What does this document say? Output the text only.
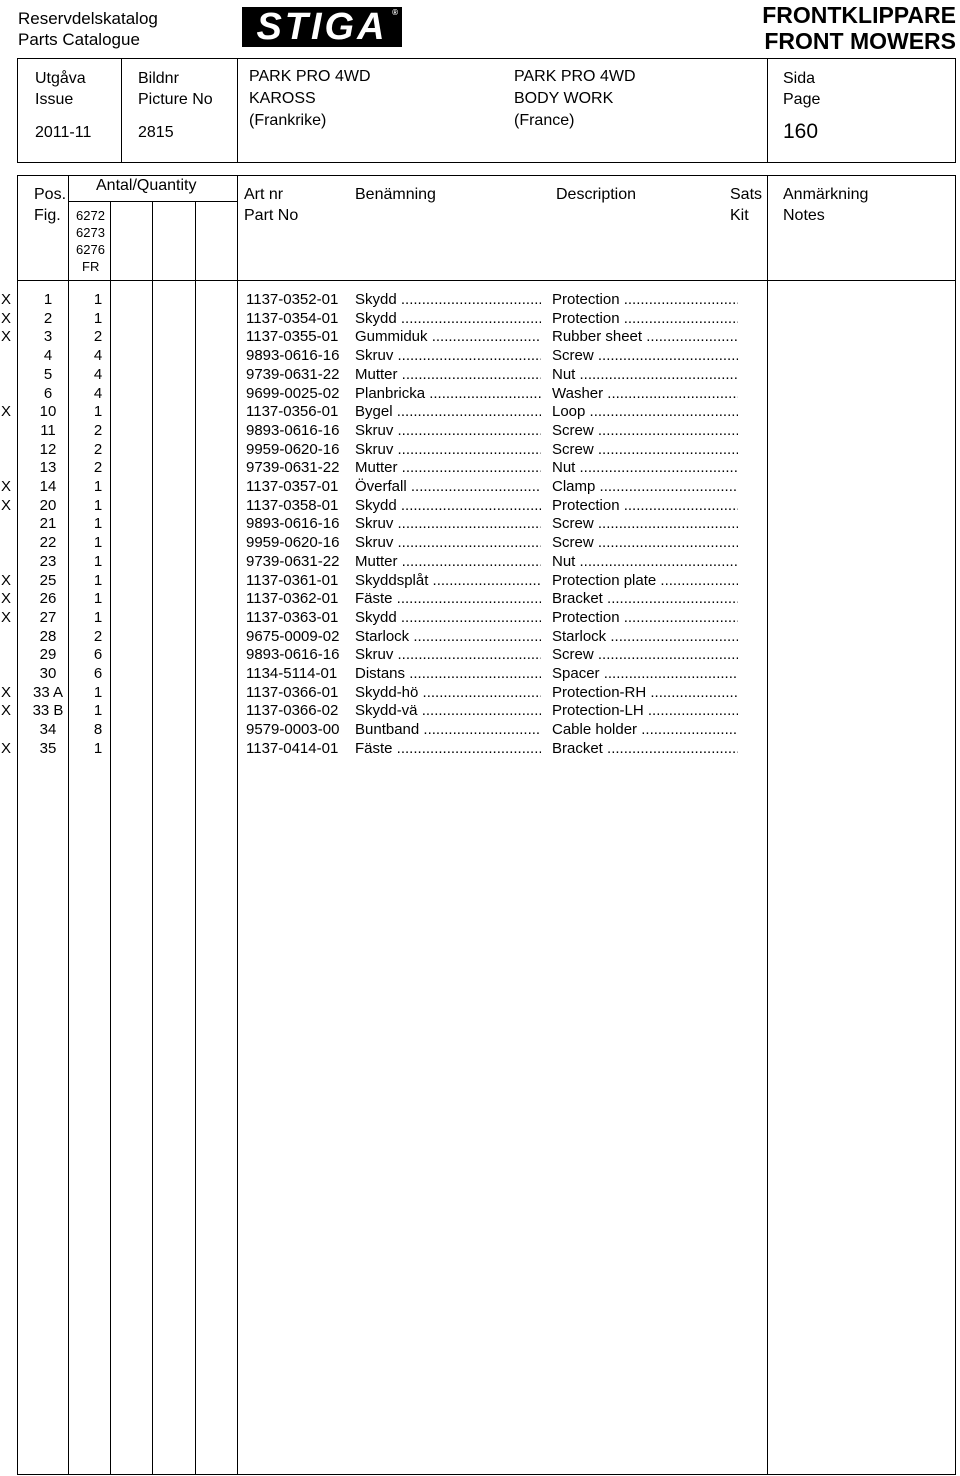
Reservdelskatalog
Parts Catalogue	STIGA ®	FRONTKLIPPARE
FRONT MOWERS
Utgåva
Issue
2011-11
Bildnr
Picture No
2815
PARK PRO 4WD
KAROSS
(Frankrike)
PARK PRO 4WD
BODY WORK
(France)
Sida
Page
160
Pos.
Fig.
Antal/Quantity
6272
6273
6276
FR
Art nr
Part No
Benämning	Description	Sats
Kit
Anmärkning
Notes
X	1	1	1137-0352-01 Skydd .....	Protection .....
X	2	1	1137-0354-01 Skydd .....	Protection .....
X	3	2	1137-0355-01 Gummiduk .....	Rubber sheet .....
4	4	9893-0616-16 Skruv .....	Screw .....
5	4	9739-0631-22 Mutter .....	Nut .....
6	4	9699-0025-02 Planbricka .....	Washer .....
X	10	1	1137-0356-01 Bygel .....	Loop .....
11	2	9893-0616-16 Skruv .....	Screw .....
12	2	9959-0620-16 Skruv .....	Screw .....
13	2	9739-0631-22 Mutter .....	Nut .....
X	14	1	1137-0357-01 Överfall .....	Clamp .....
X	20	1	1137-0358-01 Skydd .....	Protection .....
21	1	9893-0616-16 Skruv .....	Screw .....
22	1	9959-0620-16 Skruv .....	Screw .....
23	1	9739-0631-22 Mutter .....	Nut .....
X	25	1	1137-0361-01 Skyddsplåt .....	Protection plate .....
X	26	1	1137-0362-01 Fäste .....	Bracket .....
X	27	1	1137-0363-01 Skydd .....	Protection .....
28	2	9675-0009-02 Starlock .....	Starlock .....
29	6	9893-0616-16 Skruv .....	Screw .....
30	6	1134-5114-01 Distans .....	Spacer .....
X	33 A	1	1137-0366-01 Skydd-hö .....	Protection-RH .....
X	33 B	1	1137-0366-02 Skydd-vä .....	Protection-LH .....
34	8	9579-0003-00 Buntband .....	Cable holder .....
X	35	1	1137-0414-01 Fäste .....	Bracket .....
